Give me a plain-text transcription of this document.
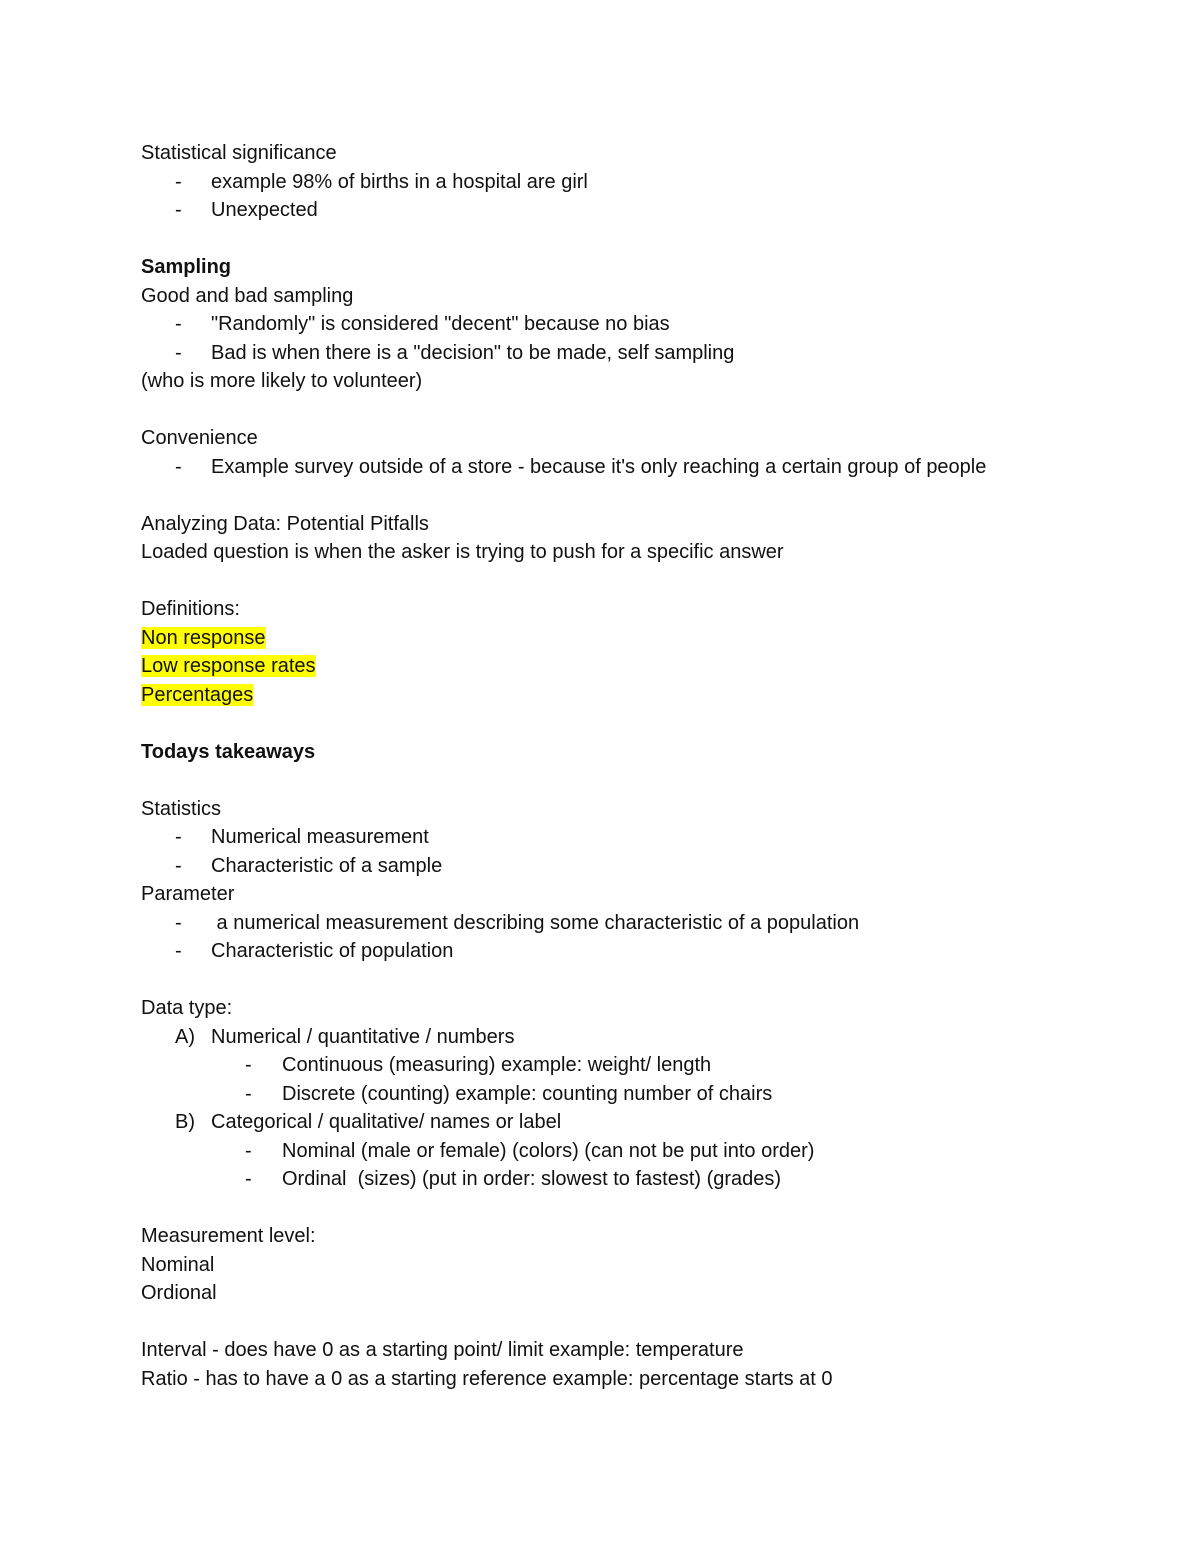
Statistical significance
- example 98% of births in a hospital are girl
- Unexpected
Sampling
Good and bad sampling
- "Randomly" is considered "decent" because no bias
- Bad is when there is a "decision" to be made, self sampling
(who is more likely to volunteer)
Convenience
- Example survey outside of a store - because it's only reaching a certain group of people
Analyzing Data: Potential Pitfalls
Loaded question is when the asker is trying to push for a specific answer
Definitions:
Non response
Low response rates
Percentages
Todays takeaways
Statistics
- Numerical measurement
- Characteristic of a sample
Parameter
- a numerical measurement describing some characteristic of a population
- Characteristic of population
Data type:
A) Numerical / quantitative / numbers
- Continuous (measuring) example: weight/ length
- Discrete (counting) example: counting number of chairs
B) Categorical / qualitative/ names or label
- Nominal (male or female) (colors) (can not be put into order)
- Ordinal  (sizes) (put in order: slowest to fastest) (grades)
Measurement level:
Nominal
Ordional
Interval - does have 0 as a starting point/ limit example: temperature
Ratio - has to have a 0 as a starting reference example: percentage starts at 0
